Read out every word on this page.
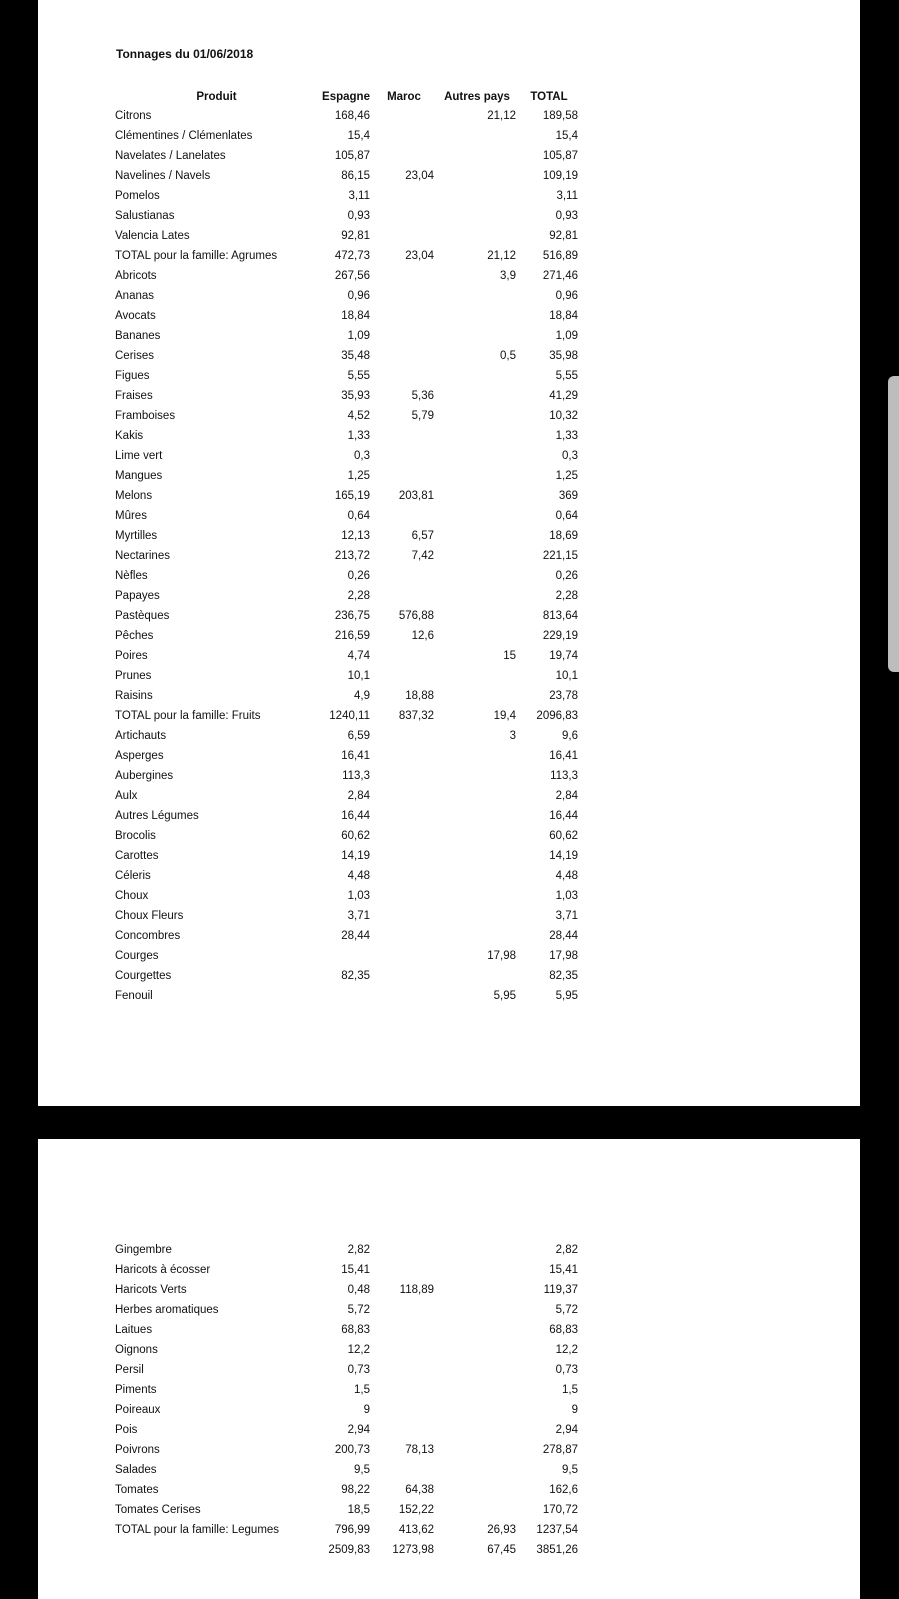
Tonnages du 01/06/2018
Produit	Espagne	Maroc	Autres pays	TOTAL
Citrons	168,46		21,12	189,58
Clémentines / Clémenlates	15,4			15,4
Navelates / Lanelates	105,87			105,87
Navelines / Navels	86,15	23,04		109,19
Pomelos	3,11			3,11
Salustianas	0,93			0,93
Valencia Lates	92,81			92,81
TOTAL pour la famille: Agrumes	472,73	23,04	21,12	516,89
Abricots	267,56		3,9	271,46
Ananas	0,96			0,96
Avocats	18,84			18,84
Bananes	1,09			1,09
Cerises	35,48		0,5	35,98
Figues	5,55			5,55
Fraises	35,93	5,36		41,29
Framboises	4,52	5,79		10,32
Kakis	1,33			1,33
Lime vert	0,3			0,3
Mangues	1,25			1,25
Melons	165,19	203,81		369
Mûres	0,64			0,64
Myrtilles	12,13	6,57		18,69
Nectarines	213,72	7,42		221,15
Nèfles	0,26			0,26
Papayes	2,28			2,28
Pastèques	236,75	576,88		813,64
Pêches	216,59	12,6		229,19
Poires	4,74		15	19,74
Prunes	10,1			10,1
Raisins	4,9	18,88		23,78
TOTAL pour la famille: Fruits	1240,11	837,32	19,4	2096,83
Artichauts	6,59		3	9,6
Asperges	16,41			16,41
Aubergines	113,3			113,3
Aulx	2,84			2,84
Autres Légumes	16,44			16,44
Brocolis	60,62			60,62
Carottes	14,19			14,19
Céleris	4,48			4,48
Choux	1,03			1,03
Choux Fleurs	3,71			3,71
Concombres	28,44			28,44
Courges			17,98	17,98
Courgettes	82,35			82,35
Fenouil			5,95	5,95
Gingembre	2,82			2,82
Haricots à écosser	15,41			15,41
Haricots Verts	0,48	118,89		119,37
Herbes aromatiques	5,72			5,72
Laitues	68,83			68,83
Oignons	12,2			12,2
Persil	0,73			0,73
Piments	1,5			1,5
Poireaux	9			9
Pois	2,94			2,94
Poivrons	200,73	78,13		278,87
Salades	9,5			9,5
Tomates	98,22	64,38		162,6
Tomates Cerises	18,5	152,22		170,72
TOTAL pour la famille: Legumes	796,99	413,62	26,93	1237,54
	2509,83	1273,98	67,45	3851,26
